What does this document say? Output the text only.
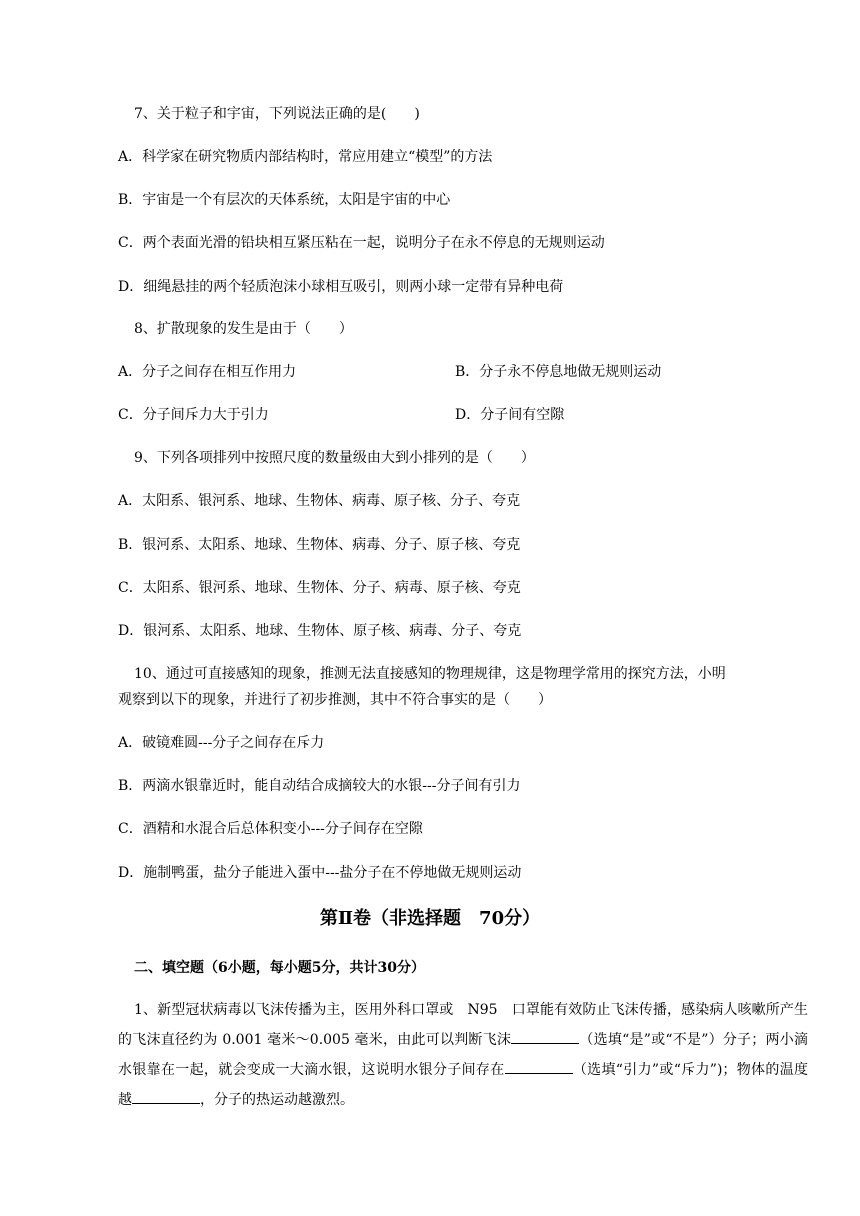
7、关于粒子和宇宙，下列说法正确的是(　　)
A．科学家在研究物质内部结构时，常应用建立“模型”的方法
B．宇宙是一个有层次的天体系统，太阳是宇宙的中心
C．两个表面光滑的铅块相互紧压粘在一起，说明分子在永不停息的无规则运动
D．细绳悬挂的两个轻质泡沫小球相互吸引，则两小球一定带有异种电荷
8、扩散现象的发生是由于（　　）
A．分子之间存在相互作用力	B．分子永不停息地做无规则运动
C．分子间斥力大于引力	D．分子间有空隙
9、下列各项排列中按照尺度的数量级由大到小排列的是（　　）
A．太阳系、银河系、地球、生物体、病毒、原子核、分子、夸克
B．银河系、太阳系、地球、生物体、病毒、分子、原子核、夸克
C．太阳系、银河系、地球、生物体、分子、病毒、原子核、夸克
D．银河系、太阳系、地球、生物体、原子核、病毒、分子、夸克
10、通过可直接感知的现象，推测无法直接感知的物理规律，这是物理学常用的探究方法，小明
观察到以下的现象，并进行了初步推测，其中不符合事实的是（　　）
A．破镜难圆---分子之间存在斥力
B．两滴水银靠近时，能自动结合成摘较大的水银---分子间有引力
C．酒精和水混合后总体积变小---分子间存在空隙
D．施制鸭蛋，盐分子能进入蛋中---盐分子在不停地做无规则运动
第Ⅱ卷（非选择题　70分）
二、填空题（6小题，每小题5分，共计30分）
1、新型冠状病毒以飞沫传播为主，医用外科口罩或　N95　口罩能有效防止飞沫传播，感染病人咳嗽所产生的飞沫直径约为 0.001 毫米～0.005 毫米，由此可以判断飞沫	（选填“是”或“不是”）分子；两小滴水银靠在一起，就会变成一大滴水银，这说明水银分子间存在	（选填“引力”或“斥力”)；物体的温度越	，分子的热运动越激烈。
